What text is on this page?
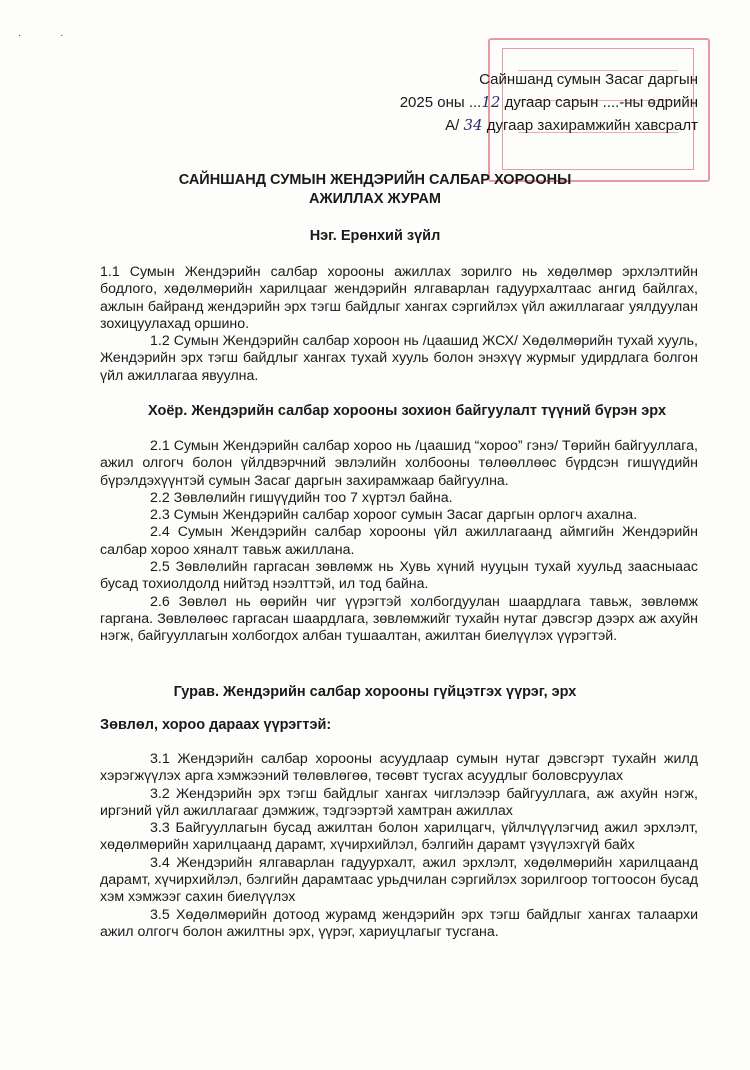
· ·
Сайншанд сумын Засаг даргын
2025 оны ...12 дугаар сарын ....-ны өдрийн
А/ 34 дугаар захирамжийн хавсралт
САЙНШАНД СУМЫН ЖЕНДЭРИЙН САЛБАР ХОРООНЫ
АЖИЛЛАХ ЖУРАМ
Нэг. Ерөнхий зүйл

1.1 Сумын Жендэрийн салбар хорооны ажиллах зорилго нь хөдөлмөр эрхлэлтийн бодлого, хөдөлмөрийн харилцааг жендэрийн ялгаварлан гадуурхалтаас ангид байлгах, ажлын байранд жендэрийн эрх тэгш байдлыг хангах сэргийлэх үйл ажиллагааг уялдуулан зохицуулахад оршино.

1.2 Сумын Жендэрийн салбар хороон нь /цаашид ЖСХ/ Хөдөлмөрийн тухай хууль, Жендэрийн эрх тэгш байдлыг хангах тухай хууль болон энэхүү журмыг удирдлага болгон үйл ажиллагаа явуулна.

Хоёр. Жендэрийн салбар хорооны зохион байгуулалт түүний бүрэн эрх

2.1 Сумын Жендэрийн салбар хороо нь /цаашид “хороо” гэнэ/ Төрийн байгууллага, ажил олгогч болон үйлдвэрчний эвлэлийн холбооны төлөөллөөс бүрдсэн гишүүдийн бүрэлдэхүүнтэй сумын Засаг даргын захирамжаар байгуулна.

2.2 Зөвлөлийн гишүүдийн тоо 7 хүртэл байна.

2.3 Сумын Жендэрийн салбар хороог сумын Засаг даргын орлогч ахална.

2.4 Сумын Жендэрийн салбар хорооны үйл ажиллагаанд аймгийн Жендэрийн салбар хороо хяналт тавьж ажиллана.

2.5 Зөвлөлийн гаргасан зөвлөмж нь Хувь хүний нууцын тухай хуульд заасныаас бусад тохиолдолд нийтэд нээлттэй, ил тод байна.

2.6 Зөвлөл нь өөрийн чиг үүрэгтэй холбогдуулан шаардлага тавьж, зөвлөмж гаргана. Зөвлөлөөс гаргасан шаардлага, зөвлөмжийг тухайн нутаг дэвсгэр дээрх аж ахуйн нэгж, байгууллагын холбогдох албан тушаалтан, ажилтан биелүүлэх үүрэгтэй.

Гурав. Жендэрийн салбар хорооны гүйцэтгэх үүрэг, эрх
Зөвлөл, хороо дараах үүрэгтэй:

3.1 Жендэрийн салбар хорооны асуудлаар сумын нутаг дэвсгэрт тухайн жилд хэрэгжүүлэх арга хэмжээний төлөвлөгөө, төсөвт тусгах асуудлыг боловсруулах

3.2 Жендэрийн эрх тэгш байдлыг хангах чиглэлээр байгууллага, аж ахуйн нэгж, иргэний үйл ажиллагааг дэмжиж, тэдгээртэй хамтран ажиллах

3.3 Байгууллагын бусад ажилтан болон харилцагч, үйлчлүүлэгчид ажил эрхлэлт, хөдөлмөрийн харилцаанд дарамт, хүчирхийлэл, бэлгийн дарамт үзүүлэхгүй байх

3.4 Жендэрийн ялгаварлан гадуурхалт, ажил эрхлэлт, хөдөлмөрийн харилцаанд дарамт, хүчирхийлэл, бэлгийн дарамтаас урьдчилан сэргийлэх зорилгоор тогтоосон бусад хэм хэмжээг сахин биелүүлэх

3.5 Хөдөлмөрийн дотоод журамд жендэрийн эрх тэгш байдлыг хангах талаархи ажил олгогч болон ажилтны эрх, үүрэг, хариуцлагыг тусгана.
